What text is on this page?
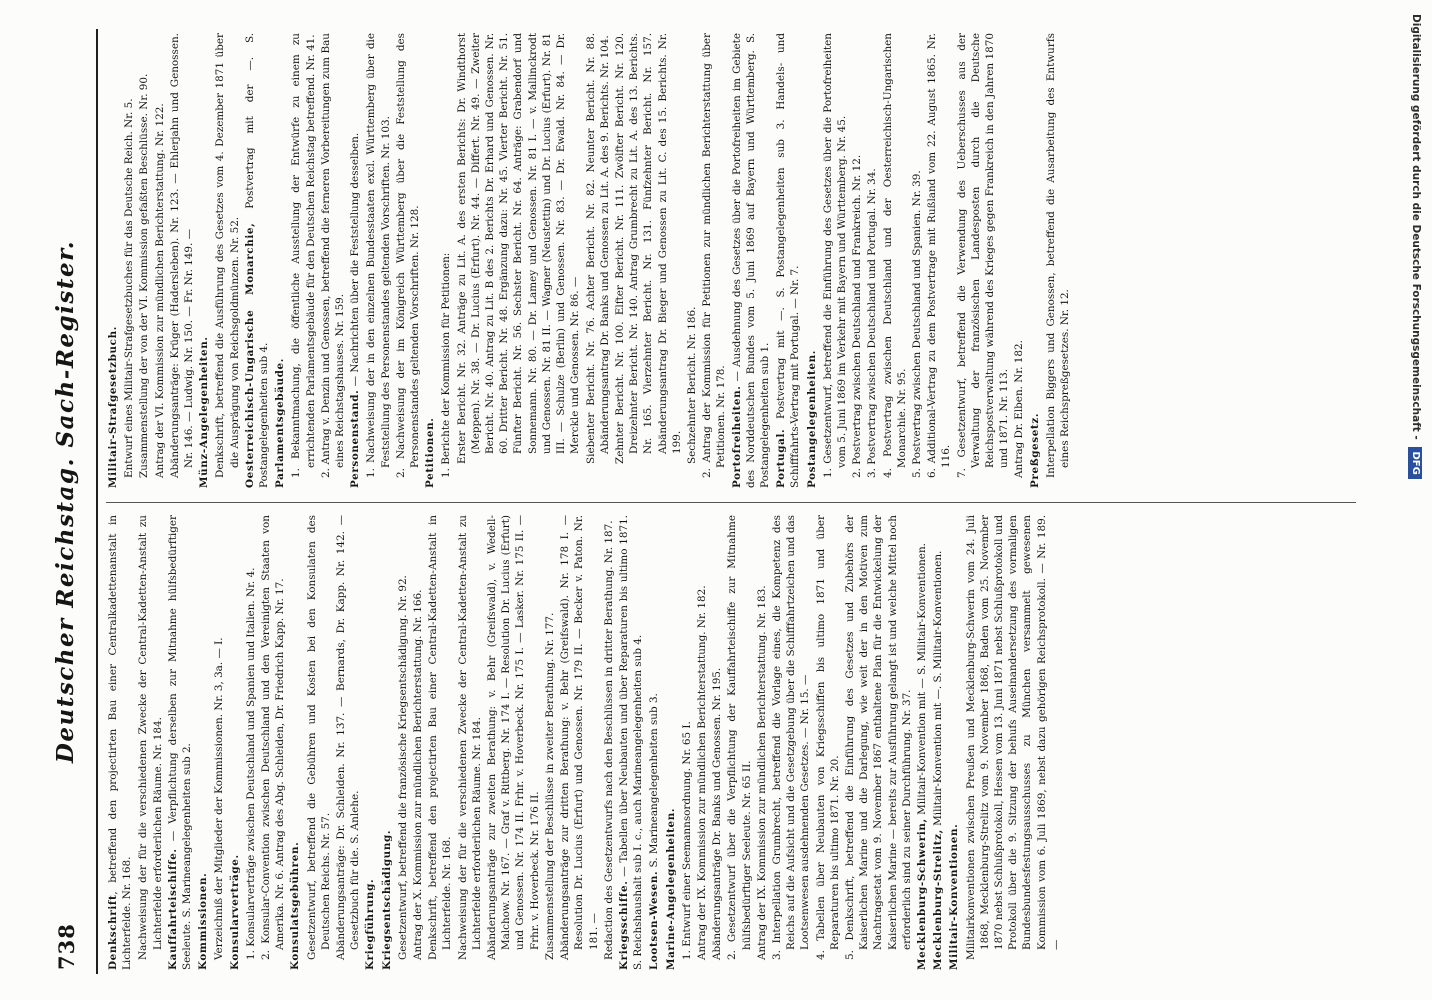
738
Deutscher Reichstag. Sach-Register.
Denkschrift, betreffend den projectirten Bau einer Centralkadettenanstalt in Lichterfelde. Nr. 168. Nachweisung der für die verschiedenen Zwecke der Central-Kadetten-Anstalt zu Lichterfelde erforderlichen Räume. Nr. 184. Kauffahrteischiffe. — Verpflichtung derselben zur Mitnahme hülfsbedürftiger Seeleute. S. Marineangelegenheiten sub 2. Kommissionen. Verzeichniß der Mitglieder der Kommissionen. Nr. 3, 3a. — I. Konsularverträge. 1. Konsularverträge zwischen Deutschland und Spanien und Italien. Nr. 4.
2. Konsular-Convention zwischen Deutschland und den Vereinigten Staaten von Amerika. Nr. 6. Antrag des Abg. Schleiden, Dr. Friedrich Kapp. Nr. 17. Konsulatsgebühren. Gesetzentwurf, betreffend die Gebühren und Kosten bei den Konsulaten des Deutschen Reichs. Nr. 57. Abänderungsanträge: Dr. Schleiden. Nr. 137. — Bernards, Dr. Kapp. Nr. 142. — Gesetzbuch für die. S. Anlehe. Kriegführung. Kriegsentschädigung. Gesetzentwurf, betreffend die französische Kriegsentschädigung. Nr. 92. Antrag der X. Kommission zur mündlichen Berichterstattung. Nr. 166. Denkschrift, betreffend den projectirten Bau einer Central-Kadetten-Anstalt in Lichterfelde. Nr. 168. Nachweisung der für die verschiedenen Zwecke der Central-Kadetten-Anstalt zu Lichterfelde erforderlichen Räume. Nr. 184. Abänderungsanträge zur zweiten Berathung: v. Behr (Greifswald), v. Wedell-Malchow. Nr. 167. — Graf v. Rittberg. Nr. 174 I. — Resolution Dr. Lucius (Erfurt) und Genossen. Nr. 174 II. Frhr. v. Hoverbeck. Nr. 175 I. — Lasker. Nr. 175 II. — Frhr. v. Hoverbeck. Nr. 176 II. Zusammenstellung der Beschlüsse in zweiter Berathung. Nr. 177. Abänderungsanträge zur dritten Berathung: v. Behr (Greifswald). Nr. 178 I. — Resolution Dr. Lucius (Erfurt) und Genossen. Nr. 179 II. — Becker v. Paton. Nr. 181. — Redaction des Gesetzentwurfs nach den Beschlüssen in dritter Berathung. Nr. 187. Kriegsschiffe. — Tabellen über Neubauten und über Reparaturen bis ultimo 1871. S. Reichshaushalt sub I. c., auch Marineangelegenheiten sub 4. Lootsen-Wesen. S. Marineangelegenheiten sub 3.
Marine-Angelegenheiten. 1. Entwurf einer Seemannsordnung. Nr. 65 I. Antrag der IX. Kommission zur mündlichen Berichterstattung. Nr. 182. Abänderungsanträge Dr. Banks und Genossen. Nr. 195. 2. Gesetzentwurf über die Verpflichtung der Kauffahrteischiffe zur Mitnahme hülfsbedürftiger Seeleute. Nr. 65 II. Antrag der IX. Kommission zur mündlichen Berichterstattung. Nr. 183. 3. Interpellation Grumbrecht, betreffend die Vorlage eines, die Kompetenz des Reichs auf die Aufsicht und die Gesetzgebung über die Schifffahrtzeichen und das Lootsenwesen ausdehnenden Gesetzes. — Nr. 15. —
4. Tabellen über Neubauten von Kriegsschiffen bis ultimo 1871 und über Reparaturen bis ultimo 1871. Nr. 20.
5. Denkschrift, betreffend die Einführung des Gesetzes und Zubehörs der Kaiserlichen Marine und die Darlegung, wie weit der in den Motiven zum Nachtragsetat vom 9. November 1867 enthaltene Plan für die Entwickelung der Kaiserlichen Marine — bereits zur Ausführung gelangt ist und welche Mittel noch erforderlich sind zu seiner Durchführung. Nr. 37. Mecklenburg-Schwerin, Militair-Konvention mit — S. Militair-Konventionen.
Mecklenburg-Strelitz, Militair-Konvention mit —. S. Militair-Konventionen.
Militair-Konventionen. Militairkonventionen zwischen Preußen und Mecklenburg-Schwerin vom 24. Juli 1868, Mecklenburg-Strelitz vom 9. November 1868, Baden vom 25. November 1870 nebst Schlußprotokoll, Hessen vom 13. Juni 1871 nebst Schlußprotokoll und Protokoll über die 9. Sitzung der behufs Auseinandersetzung des vormaligen Bundesbundesfestungsausschusses zu München versammelt gewesenen Kommission vom 6. Juli 1869, nebst dazu gehörigen Reichsprotokoll. — Nr. 189. —
Militair-Strafgesetzbuch. Entwurf eines Militair-Strafgesetzbuches für das Deutsche Reich. Nr. 5. Zusammenstellung der von der VI. Kommission gefaßten Beschlüsse. Nr. 90. Antrag der VI. Kommission zur mündlichen Berichterstattung. Nr. 122. Abänderungsanträge: Krüger (Hadersleben). Nr. 123. — Ehlerjahn und Genossen. Nr. 146. — Ludwig. Nr. 150. — Fr. Nr. 149. — Münz-Angelegenheiten. Denkschrift, betreffend die Ausführung des Gesetzes vom 4. Dezember 1871 über die Ausprägung von Reichsgoldmünzen. Nr. 52. Oesterreichisch-Ungarische Monarchie, Postvertrag mit der —. S. Postangelegenheiten sub 4. Parlamentsgebäude. 1. Bekanntmachung, die öffentliche Ausstellung der Entwürfe zu einem zu errichtenden Parlamentsgebäude für den Deutschen Reichstag betreffend. Nr. 41.
2. Antrag v. Denzin und Genossen, betreffend die ferneren Vorbereitungen zum Bau eines Reichstagshauses. Nr. 159. Personenstand. — Nachrichten über die Feststellung desselben.
1. Nachweisung der in den einzelnen Bundesstaaten excl. Württemberg über die Feststellung des Personenstandes geltenden Vorschriften. Nr. 103.
2. Nachweisung der im Königreich Württemberg über die Feststellung des Personenstandes geltenden Vorschriften. Nr. 128. Petitionen. 1. Berichte der Kommission für Petitionen: Erster Bericht. Nr. 32. Anträge zu Lit. A. des ersten Berichts: Dr. Windthorst (Meppen). Nr. 38. — Dr. Lucius (Erfurt). Nr. 44. — Differt. Nr. 49. — Zweiter Bericht. Nr. 40. Antrag zu Lit. B des 2. Berichts Dr. Erhard und Genossen. Nr. 60. Dritter Bericht. Nr. 48. Ergänzung dazu: Nr. 45. Vierter Bericht. Nr. 51. Fünfter Bericht. Nr. 56. Sechster Bericht. Nr. 64. Anträge: Grabendorf und Sonnemann. Nr. 80. — Dr. Lamey und Genossen. Nr. 81 I. — v. Mallinckrodt und Genossen. Nr. 81 II. — Wagner (Neustettin) und Dr. Lucius (Erfurt). Nr. 81 III. — Schulze (Berlin) und Genossen. Nr. 83. — Dr. Ewald. Nr. 84. — Dr. Merckle und Genossen. Nr. 86. — Siebenter Bericht. Nr. 76. Achter Bericht. Nr. 82. Neunter Bericht. Nr. 88. Abänderungsantrag Dr. Banks und Genossen zu Lit. A. des 9. Berichts. Nr. 104. Zehnter Bericht. Nr. 100. Elfter Bericht. Nr. 111. Zwölfter Bericht. Nr. 120. Dreizehnter Bericht. Nr. 140. Antrag Grumbrecht zu Lit. A. des 13. Berichts. Nr. 165. Vierzehnter Bericht. Nr. 131. Fünfzehnter Bericht. Nr. 157. Abänderungsantrag Dr. Bieger und Genossen zu Lit. C. des 15. Berichts. Nr. 199. Sechzehnter Bericht. Nr. 186.
2. Antrag der Kommission für Petitionen zur mündlichen Berichterstattung über Petitionen. Nr. 178. Portofreiheiten. — Ausdehnung des Gesetzes über die Portofreiheiten im Gebiete des Norddeutschen Bundes vom 5. Juni 1869 auf Bayern und Württemberg. S. Postangelegenheiten sub 1. Portugal. Postvertrag mit —. S. Postangelegenheiten sub 3. Handels- und Schifffahrts-Vertrag mit Portugal. — Nr. 7. Postangelegenheiten. 1. Gesetzentwurf, betreffend die Einführung des Gesetzes über die Portofreiheiten vom 5. Juni 1869 im Verkehr mit Bayern und Württemberg. Nr. 45.
2. Postvertrag zwischen Deutschland und Frankreich. Nr. 12.
3. Postvertrag zwischen Deutschland und Portugal. Nr. 34.
4. Postvertrag zwischen Deutschland und der Oesterreichisch-Ungarischen Monarchie. Nr. 95.
5. Postvertrag zwischen Deutschland und Spanien. Nr. 39.
6. Additional-Vertrag zu dem Postvertrage mit Rußland vom 22. August 1865. Nr. 116.
7. Gesetzentwurf, betreffend die Verwendung des Ueberschusses aus der Verwaltung der französischen Landesposten durch die Deutsche Reichspostverwaltung während des Krieges gegen Frankreich in den Jahren 1870 und 1871. Nr. 113. Antrag Dr. Elben. Nr. 182. Preßgesetz. Interpellation Biggers und Genossen, betreffend die Ausarbeitung des Entwurfs eines Reichspreßgesetzes. Nr. 12.	Digitalisierung gefördert durch die Deutsche Forschungsgemeinschaft - DFG
